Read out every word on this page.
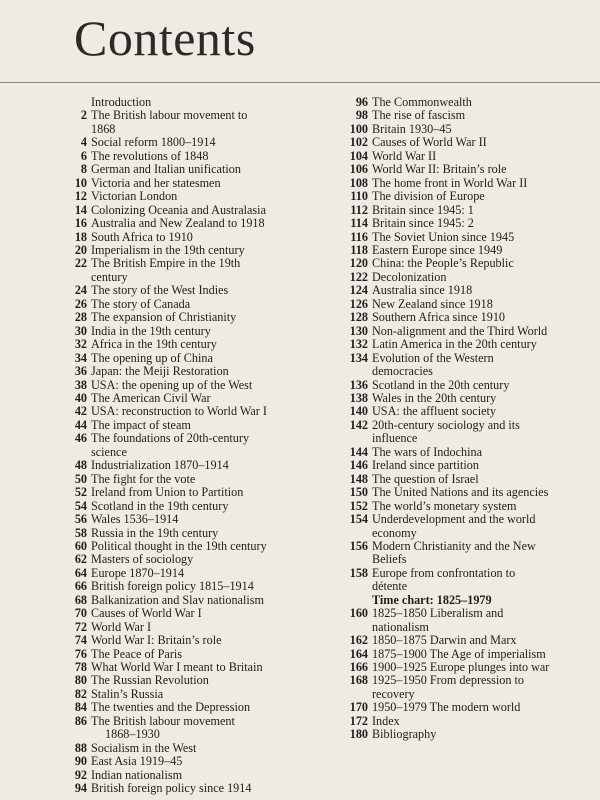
Contents
Introduction
2 The British labour movement to
1868
4 Social reform 1800–1914
6 The revolutions of 1848
8 German and Italian unification
10 Victoria and her statesmen
12 Victorian London
14 Colonizing Oceania and Australasia
16 Australia and New Zealand to 1918
18 South Africa to 1910
20 Imperialism in the 19th century
22 The British Empire in the 19th
century
24 The story of the West Indies
26 The story of Canada
28 The expansion of Christianity
30 India in the 19th century
32 Africa in the 19th century
34 The opening up of China
36 Japan: the Meiji Restoration
38 USA: the opening up of the West
40 The American Civil War
42 USA: reconstruction to World War I
44 The impact of steam
46 The foundations of 20th-century
science
48 Industrialization 1870–1914
50 The fight for the vote
52 Ireland from Union to Partition
54 Scotland in the 19th century
56 Wales 1536–1914
58 Russia in the 19th century
60 Political thought in the 19th century
62 Masters of sociology
64 Europe 1870–1914
66 British foreign policy 1815–1914
68 Balkanization and Slav nationalism
70 Causes of World War I
72 World War I
74 World War I: Britain’s role
76 The Peace of Paris
78 What World War I meant to Britain
80 The Russian Revolution
82 Stalin’s Russia
84 The twenties and the Depression
86 The British labour movement
1868–1930
88 Socialism in the West
90 East Asia 1919–45
92 Indian nationalism
94 British foreign policy since 1914
96 The Commonwealth
98 The rise of fascism
100 Britain 1930–45
102 Causes of World War II
104 World War II
106 World War II: Britain’s role
108 The home front in World War II
110 The division of Europe
112 Britain since 1945: 1
114 Britain since 1945: 2
116 The Soviet Union since 1945
118 Eastern Europe since 1949
120 China: the People’s Republic
122 Decolonization
124 Australia since 1918
126 New Zealand since 1918
128 Southern Africa since 1910
130 Non-alignment and the Third World
132 Latin America in the 20th century
134 Evolution of the Western
democracies
136 Scotland in the 20th century
138 Wales in the 20th century
140 USA: the affluent society
142 20th-century sociology and its
influence
144 The wars of Indochina
146 Ireland since partition
148 The question of Israel
150 The United Nations and its agencies
152 The world’s monetary system
154 Underdevelopment and the world
economy
156 Modern Christianity and the New
Beliefs
158 Europe from confrontation to
détente
Time chart: 1825–1979
160 1825–1850 Liberalism and
nationalism
162 1850–1875 Darwin and Marx
164 1875–1900 The Age of imperialism
166 1900–1925 Europe plunges into war
168 1925–1950 From depression to
recovery
170 1950–1979 The modern world
172 Index
180 Bibliography
